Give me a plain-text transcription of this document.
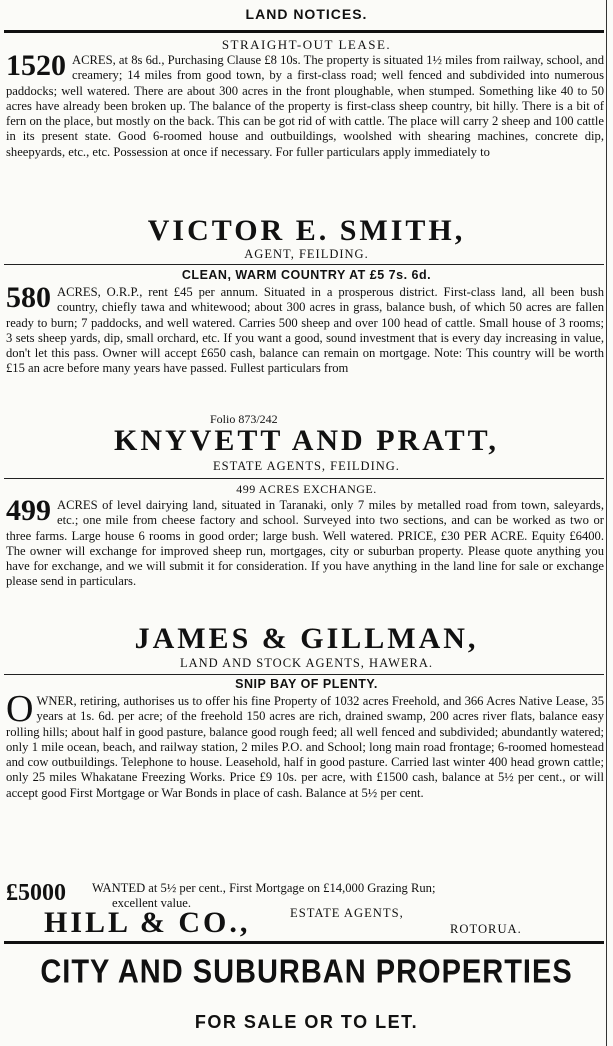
LAND NOTICES.
STRAIGHT-OUT LEASE.
1520 ACRES, at 8s 6d., Purchasing Clause £8 10s. The property is situated 1½ miles from railway, school, and creamery; 14 miles from good town, by a first-class road; well fenced and subdivided into numerous paddocks; well watered. There are about 300 acres in the front ploughable, when stumped. Something like 40 to 50 acres have already been broken up. The balance of the property is first-class sheep country, bit hilly. There is a bit of fern on the place, but mostly on the back. This can be got rid of with cattle. The place will carry 2 sheep and 100 cattle in its present state. Good 6-roomed house and outbuildings, woolshed with shearing machines, concrete dip, sheepyards, etc., etc. Possession at once if necessary. For fuller particulars apply immediately to
VICTOR E. SMITH,
AGENT, FEILDING.
CLEAN, WARM COUNTRY AT £5 7s. 6d.
580 ACRES, O.R.P., rent £45 per annum. Situated in a prosperous district. First-class land, all been bush country, chiefly tawa and whitewood; about 300 acres in grass, balance bush, of which 50 acres are fallen ready to burn; 7 paddocks, and well watered. Carries 500 sheep and over 100 head of cattle. Small house of 3 rooms; 3 sets sheep yards, dip, small orchard, etc. If you want a good, sound investment that is every day increasing in value, don't let this pass. Owner will accept £650 cash, balance can remain on mortgage. Note: This country will be worth £15 an acre before many years have passed. Fullest particulars from
Folio 873/242
KNYVETT AND PRATT,
ESTATE AGENTS, FEILDING.
499 ACRES EXCHANGE.
499 ACRES of level dairying land, situated in Taranaki, only 7 miles by metalled road from town, saleyards, etc.; one mile from cheese factory and school. Surveyed into two sections, and can be worked as two or three farms. Large house 6 rooms in good order; large bush. Well watered. PRICE, £30 PER ACRE. Equity £6400. The owner will exchange for improved sheep run, mortgages, city or suburban property. Please quote anything you have for exchange, and we will submit it for consideration. If you have anything in the land line for sale or exchange please send in particulars.
JAMES & GILLMAN,
LAND AND STOCK AGENTS, HAWERA.
SNIP BAY OF PLENTY.
OWNER, retiring, authorises us to offer his fine Property of 1032 acres Freehold, and 366 Acres Native Lease, 35 years at 1s. 6d. per acre; of the freehold 150 acres are rich, drained swamp, 200 acres river flats, balance easy rolling hills; about half in good pasture, balance good rough feed; all well fenced and subdivided; abundantly watered; only 1 mile ocean, beach, and railway station, 2 miles P.O. and School; long main road frontage; 6-roomed homestead and cow outbuildings. Telephone to house. Leasehold, half in good pasture. Carried last winter 400 head grown cattle; only 25 miles Whakatane Freezing Works. Price £9 10s. per acre, with £1500 cash, balance at 5½ per cent., or will accept good First Mortgage or War Bonds in place of cash. Balance at 5½ per cent.
£5000 WANTED at 5½ per cent., First Mortgage on £14,000 Grazing Run;
excellent value.
HILL & CO.,	ESTATE AGENTS,
ROTORUA.
CITY AND SUBURBAN PROPERTIES
FOR SALE OR TO LET.
